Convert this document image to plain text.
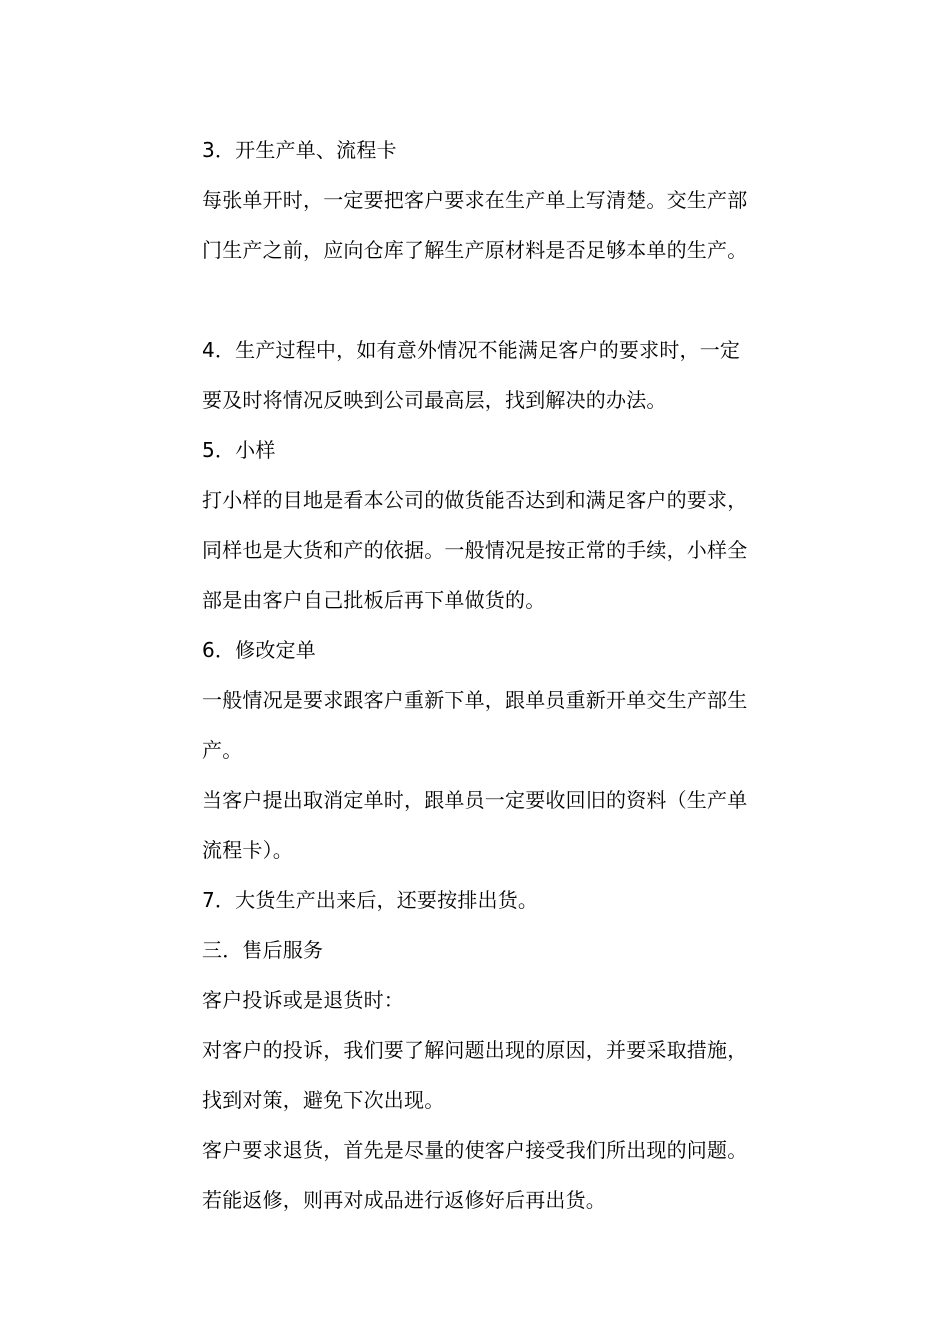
3．开生产单、流程卡
每张单开时，一定要把客户要求在生产单上写清楚。交生产部
门生产之前，应向仓库了解生产原材料是否足够本单的生产。
4．生产过程中，如有意外情况不能满足客户的要求时，一定
要及时将情况反映到公司最高层，找到解决的办法。
5．小样
打小样的目地是看本公司的做货能否达到和满足客户的要求，
同样也是大货和产的依据。一般情况是按正常的手续，小样全
部是由客户自己批板后再下单做货的。
6．修改定单
一般情况是要求跟客户重新下单，跟单员重新开单交生产部生
产。
当客户提出取消定单时，跟单员一定要收回旧的资料（生产单
流程卡）。
7．大货生产出来后，还要按排出货。
三．售后服务
客户投诉或是退货时：
对客户的投诉，我们要了解问题出现的原因，并要采取措施，
找到对策，避免下次出现。
客户要求退货，首先是尽量的使客户接受我们所出现的问题。
若能返修，则再对成品进行返修好后再出货。
